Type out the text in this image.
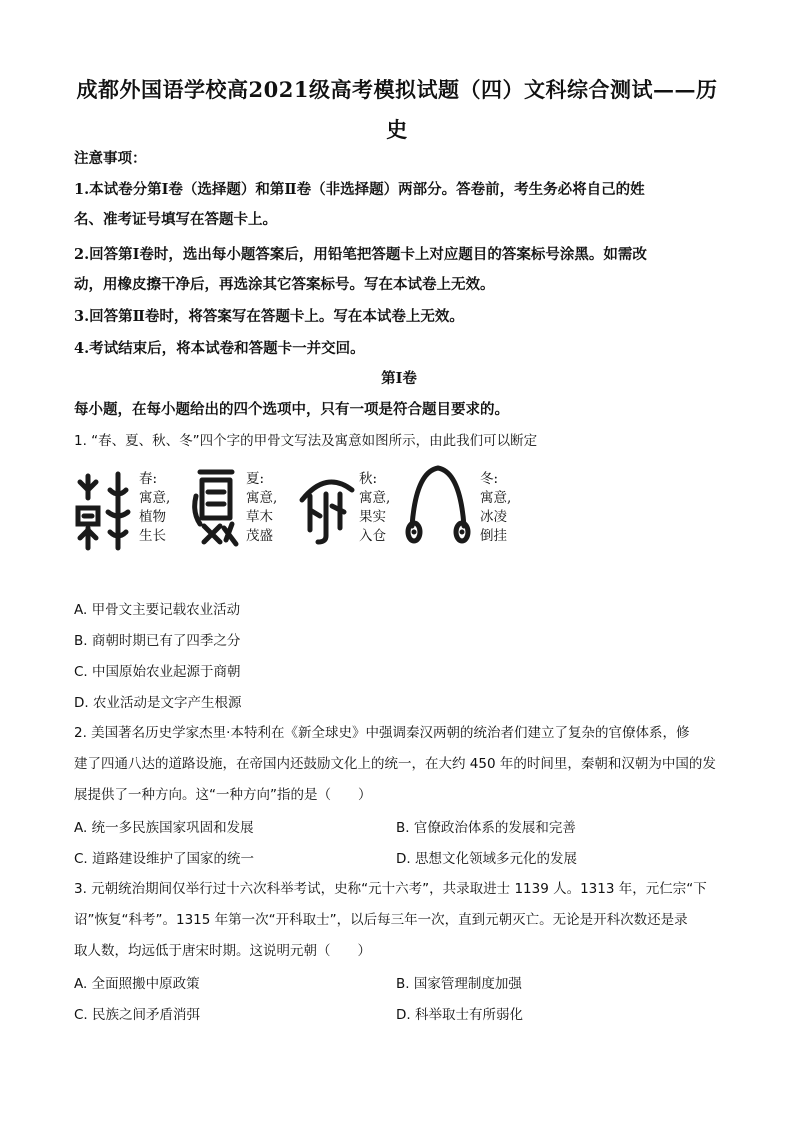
成都外国语学校高2021级高考模拟试题（四）文科综合测试——历
史
注意事项：
1.本试卷分第Ⅰ卷（选择题）和第Ⅱ卷（非选择题）两部分。答卷前，考生务必将自己的姓
名、准考证号填写在答题卡上。
2.回答第Ⅰ卷时，选出每小题答案后，用铅笔把答题卡上对应题目的答案标号涂黑。如需改
动，用橡皮擦干净后，再选涂其它答案标号。写在本试卷上无效。
3.回答第Ⅱ卷时，将答案写在答题卡上。写在本试卷上无效。
4.考试结束后，将本试卷和答题卡一并交回。
第Ⅰ卷
每小题，在每小题给出的四个选项中，只有一项是符合题目要求的。
1. “春、夏、秋、冬”四个字的甲骨文写法及寓意如图所示，由此我们可以断定
春:
寓意,
植物
生长
夏:
寓意,
草木
茂盛
秋:
寓意,
果实
入仓
冬:
寓意,
冰凌
倒挂
A. 甲骨文主要记载农业活动
B. 商朝时期已有了四季之分
C. 中国原始农业起源于商朝
D. 农业活动是文字产生根源
2. 美国著名历史学家杰里·本特利在《新全球史》中强调秦汉两朝的统治者们建立了复杂的官僚体系，修
建了四通八达的道路设施，在帝国内还鼓励文化上的统一，在大约 450 年的时间里，秦朝和汉朝为中国的发
展提供了一种方向。这“一种方向”指的是（　　）
A. 统一多民族国家巩固和发展	B. 官僚政治体系的发展和完善
C. 道路建设维护了国家的统一	D. 思想文化领域多元化的发展
3. 元朝统治期间仅举行过十六次科举考试，史称“元十六考”，共录取进士 1139 人。1313 年，元仁宗“下
诏”恢复“科考”。1315 年第一次“开科取士”，以后每三年一次，直到元朝灭亡。无论是开科次数还是录
取人数，均远低于唐宋时期。这说明元朝（　　）
A. 全面照搬中原政策	B. 国家管理制度加强
C. 民族之间矛盾消弭	D. 科举取士有所弱化
